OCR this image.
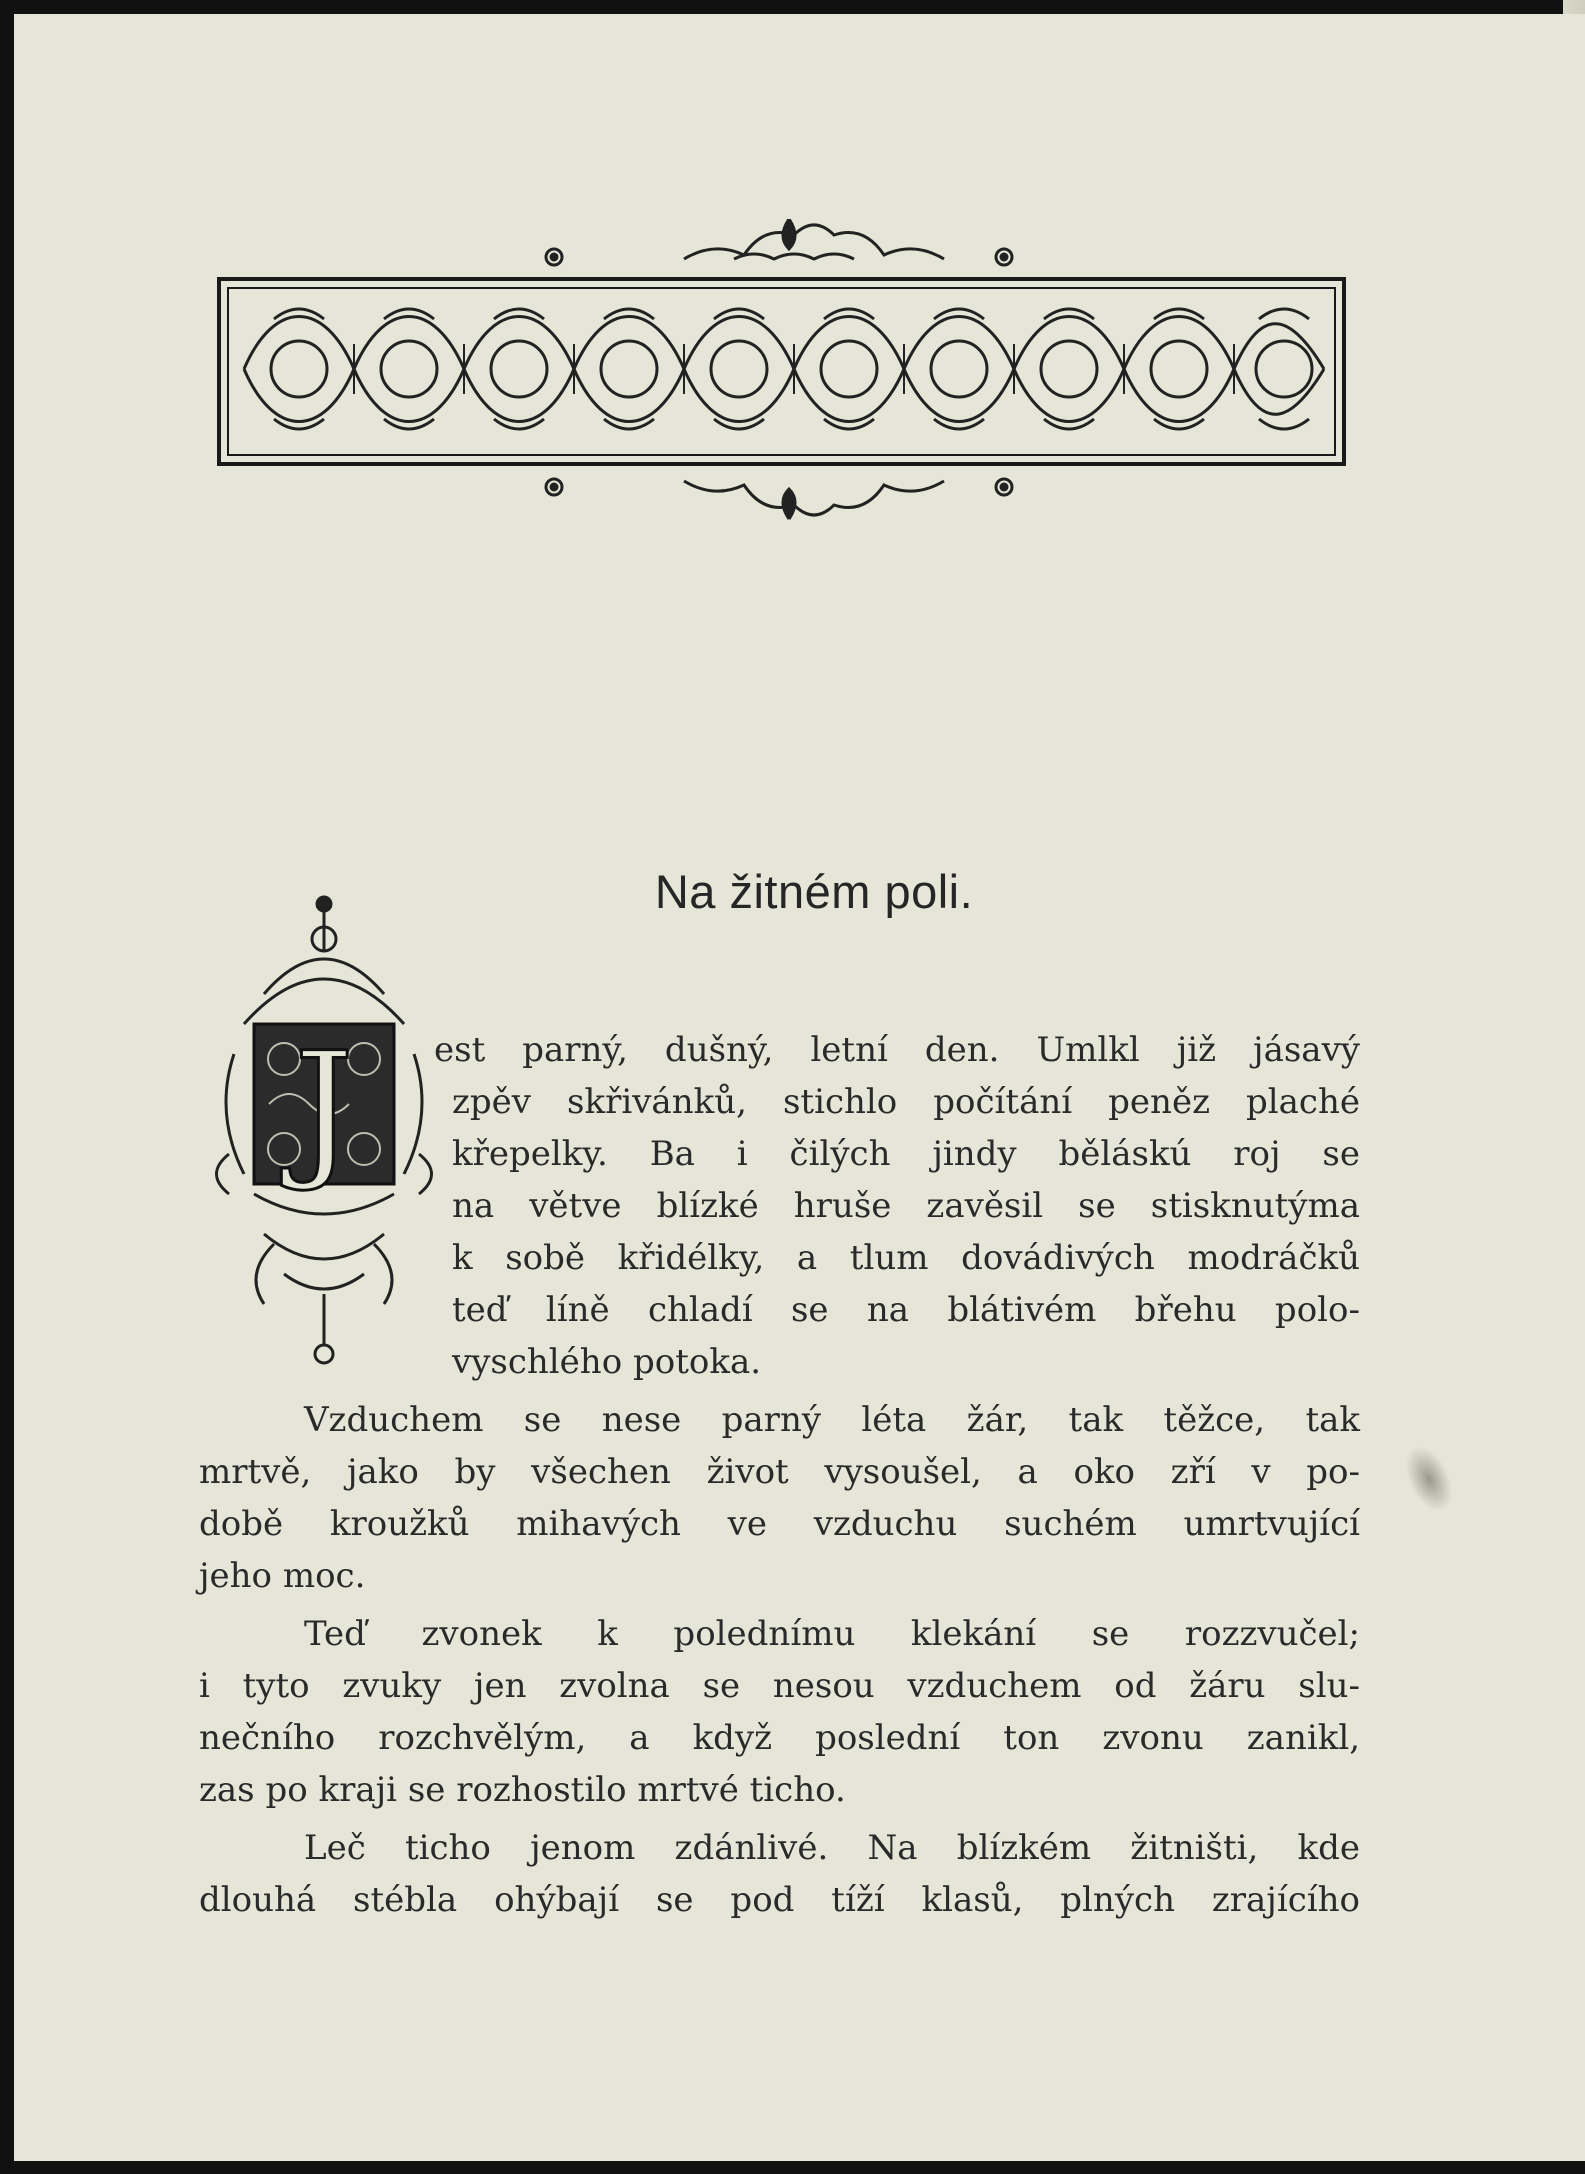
Na žitném poli.
J est parný, dušný, letní den. Umlkl již jásavý
zpěv skřivánků, stichlo počítání peněz plaché
křepelky. Ba i čilých jindy běláskú roj se
na větve blízké hruše zavěsil se stisknutýma
k sobě křidélky, a tlum dovádivých modráčků
teď líně chladí se na blátivém břehu polo-
vyschlého potoka.
Vzduchem se nese parný léta žár, tak těžce, tak
mrtvě, jako by všechen život vysoušel, a oko zří v po-
době kroužků mihavých ve vzduchu suchém umrtvující
jeho moc.
Teď zvonek k polednímu klekání se rozzvučel;
i tyto zvuky jen zvolna se nesou vzduchem od žáru slu-
nečního rozchvělým, a když poslední ton zvonu zanikl,
zas po kraji se rozhostilo mrtvé ticho.
Leč ticho jenom zdánlivé. Na blízkém žitništi, kde
dlouhá stébla ohýbají se pod tíží klasů, plných zrajícího
